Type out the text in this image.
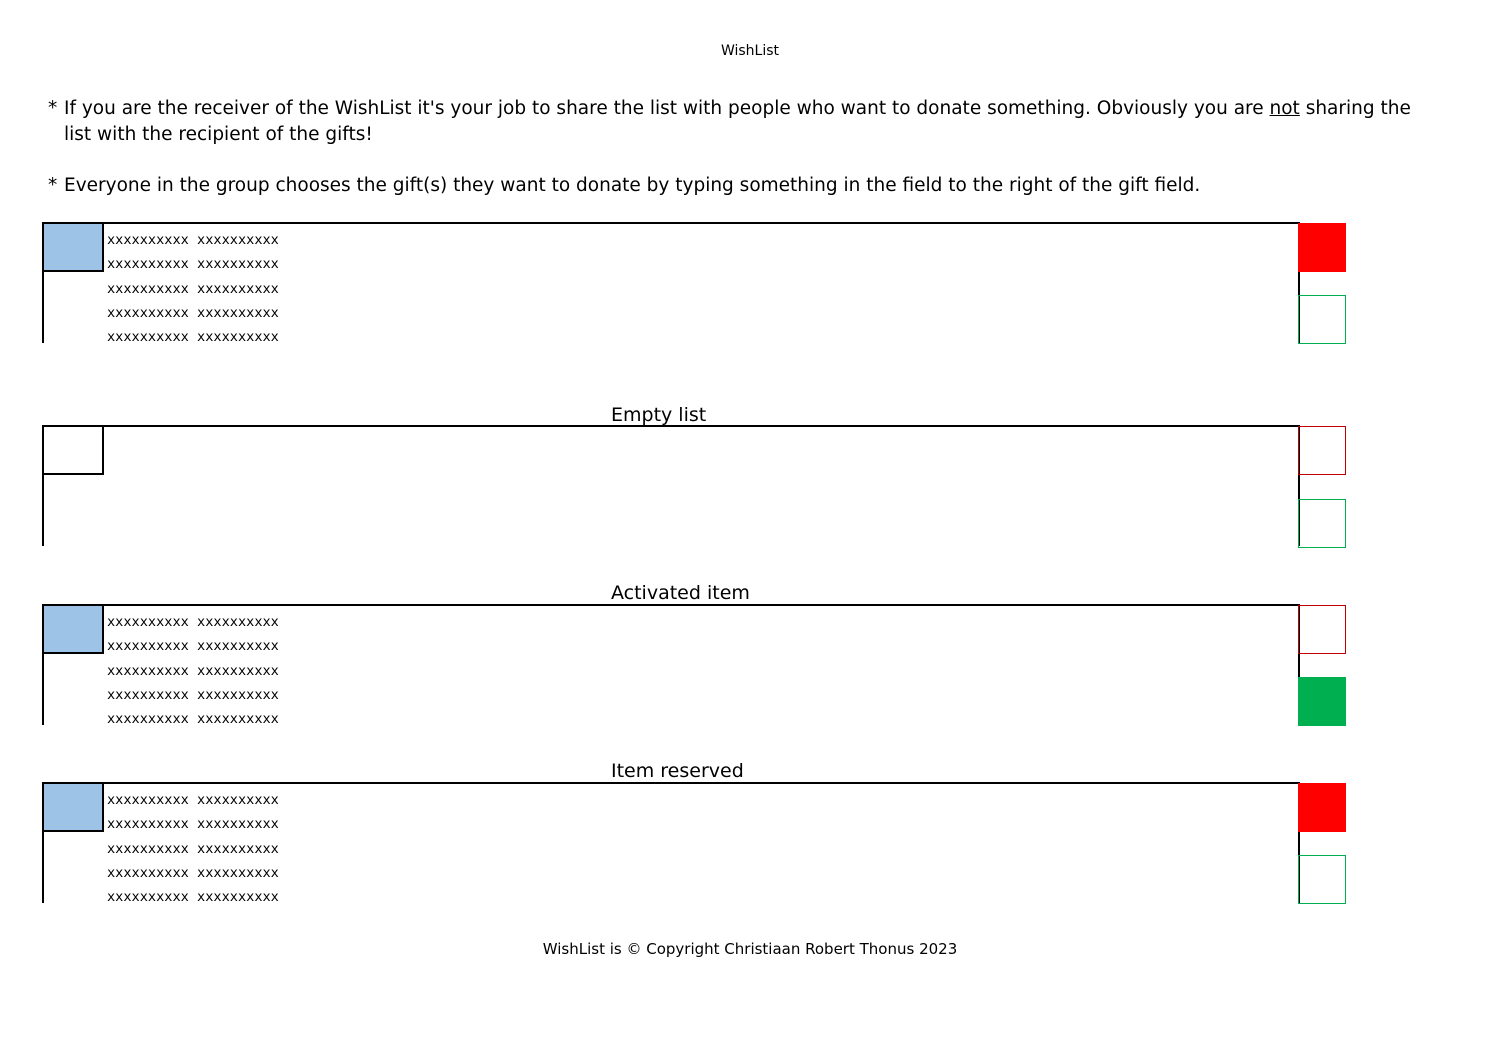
WishList
* If you are the receiver of the WishList it's your job to share the list with people who want to donate something. Obviously you are not sharing the list with the recipient of the gifts!
* Everyone in the group chooses the gift(s) they want to donate by typing something in the field to the right of the gift field.
xxxxxxxxxx xxxxxxxxxx
xxxxxxxxxx xxxxxxxxxx
xxxxxxxxxx xxxxxxxxxx
xxxxxxxxxx xxxxxxxxxx
xxxxxxxxxx xxxxxxxxxx
Empty list
Activated item
xxxxxxxxxx xxxxxxxxxx
xxxxxxxxxx xxxxxxxxxx
xxxxxxxxxx xxxxxxxxxx
xxxxxxxxxx xxxxxxxxxx
xxxxxxxxxx xxxxxxxxxx
Item reserved
xxxxxxxxxx xxxxxxxxxx
xxxxxxxxxx xxxxxxxxxx
xxxxxxxxxx xxxxxxxxxx
xxxxxxxxxx xxxxxxxxxx
xxxxxxxxxx xxxxxxxxxx
WishList is © Copyright Christiaan Robert Thonus 2023
